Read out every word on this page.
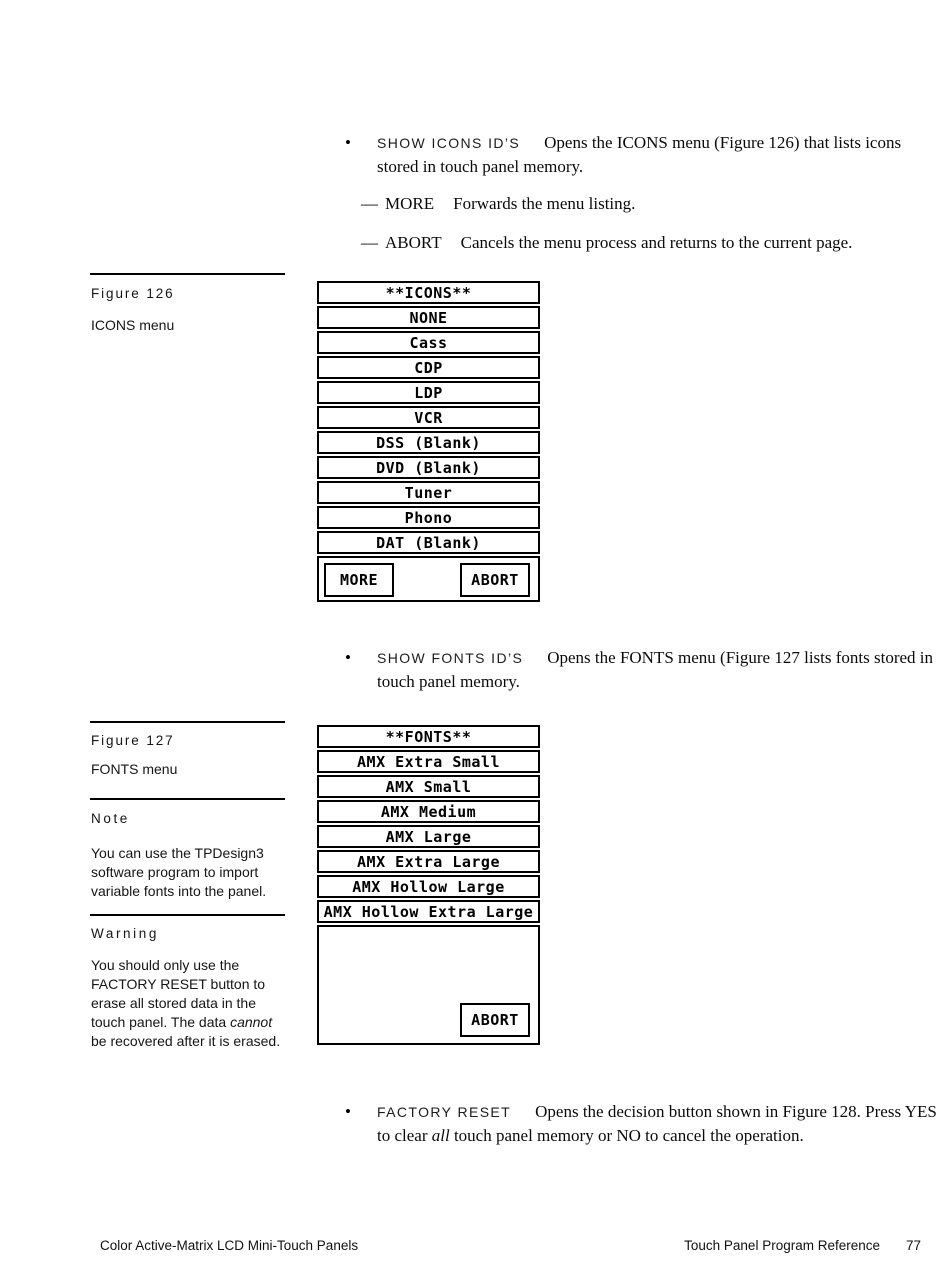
• SHOW ICONS ID’S Opens the ICONS menu (Figure 126) that lists icons stored in touch panel memory.
— MORE Forwards the menu listing.
— ABORT Cancels the menu process and returns to the current page.
Figure 126
ICONS menu
**ICONS**
NONE
Cass
CDP
LDP
VCR
DSS (Blank)
DVD (Blank)
Tuner
Phono
DAT (Blank)
MORE	ABORT
• SHOW FONTS ID’S Opens the FONTS menu (Figure 127 lists fonts stored in touch panel memory.
Figure 127
FONTS menu
Note
You can use the TPDesign3 software program to import variable fonts into the panel.
Warning
You should only use the FACTORY RESET button to erase all stored data in the touch panel. The data cannot be recovered after it is erased.
**FONTS**
AMX Extra Small
AMX Small
AMX Medium
AMX Large
AMX Extra Large
AMX Hollow Large
AMX Hollow Extra Large
ABORT
• FACTORY RESET Opens the decision button shown in Figure 128. Press YES to clear all touch panel memory or NO to cancel the operation.
Color Active-Matrix LCD Mini-Touch Panels	Touch Panel Program Reference 77
